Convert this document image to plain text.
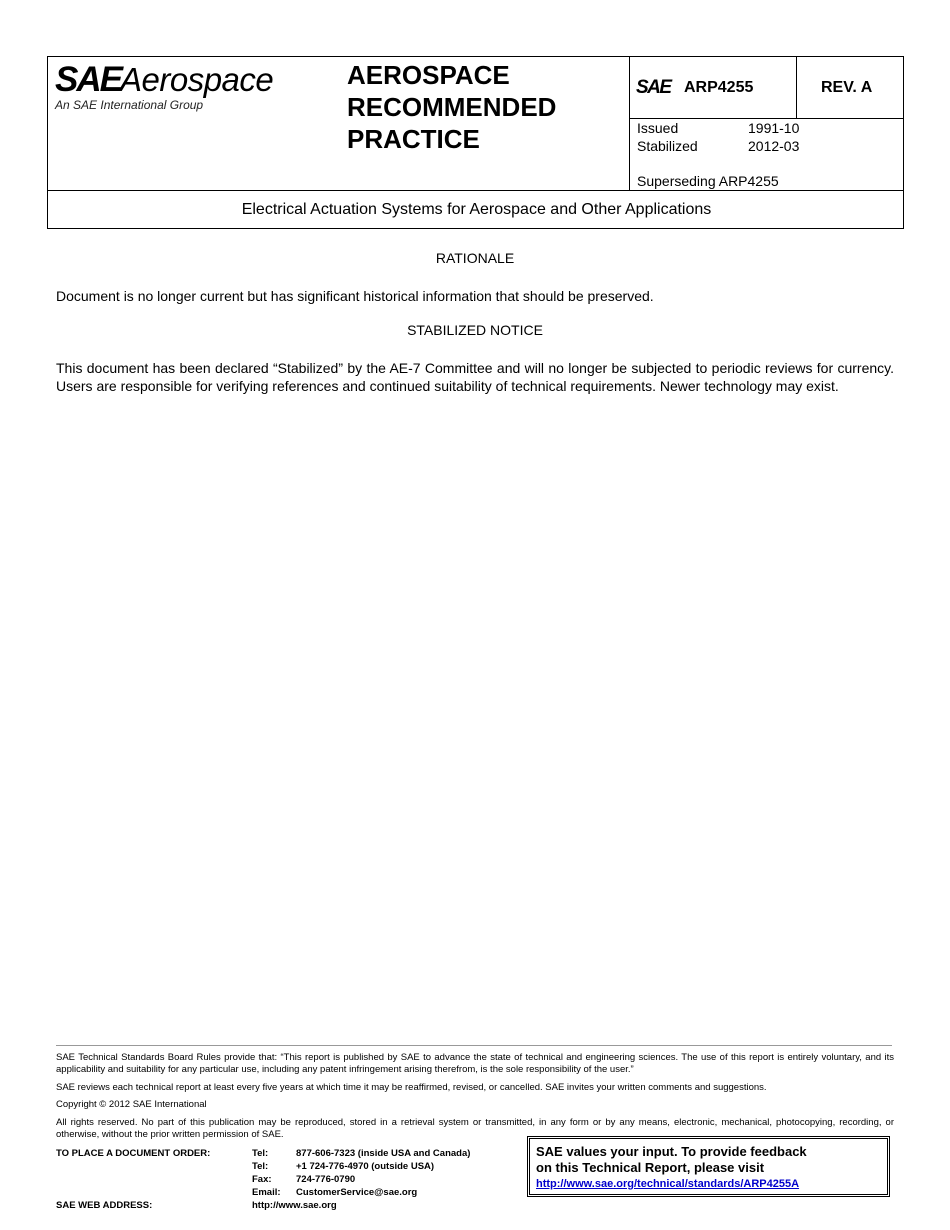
SAE Aerospace
An SAE International Group
AEROSPACE
RECOMMENDED
PRACTICE
SAE ARP4255	REV. A
Issued	1991-10
Stabilized	2012-03
Superseding ARP4255
Electrical Actuation Systems for Aerospace and Other Applications
RATIONALE
Document is no longer current but has significant historical information that should be preserved.
STABILIZED NOTICE
This document has been declared “Stabilized” by the AE-7 Committee and will no longer be subjected to periodic reviews for currency. Users are responsible for verifying references and continued suitability of technical requirements. Newer technology may exist.
SAE Technical Standards Board Rules provide that: “This report is published by SAE to advance the state of technical and engineering sciences. The use of this report is entirely voluntary, and its applicability and suitability for any particular use, including any patent infringement arising therefrom, is the sole responsibility of the user.”
SAE reviews each technical report at least every five years at which time it may be reaffirmed, revised, or cancelled. SAE invites your written comments and suggestions.
Copyright © 2012 SAE International
All rights reserved. No part of this publication may be reproduced, stored in a retrieval system or transmitted, in any form or by any means, electronic, mechanical, photocopying, recording, or otherwise, without the prior written permission of SAE.
TO PLACE A DOCUMENT ORDER:	Tel:	877-606-7323 (inside USA and Canada)
Tel:	+1 724-776-4970 (outside USA)
Fax:	724-776-0790
Email: CustomerService@sae.org
SAE WEB ADDRESS:	http://www.sae.org
SAE values your input. To provide feedback
on this Technical Report, please visit
http://www.sae.org/technical/standards/ARP4255A
